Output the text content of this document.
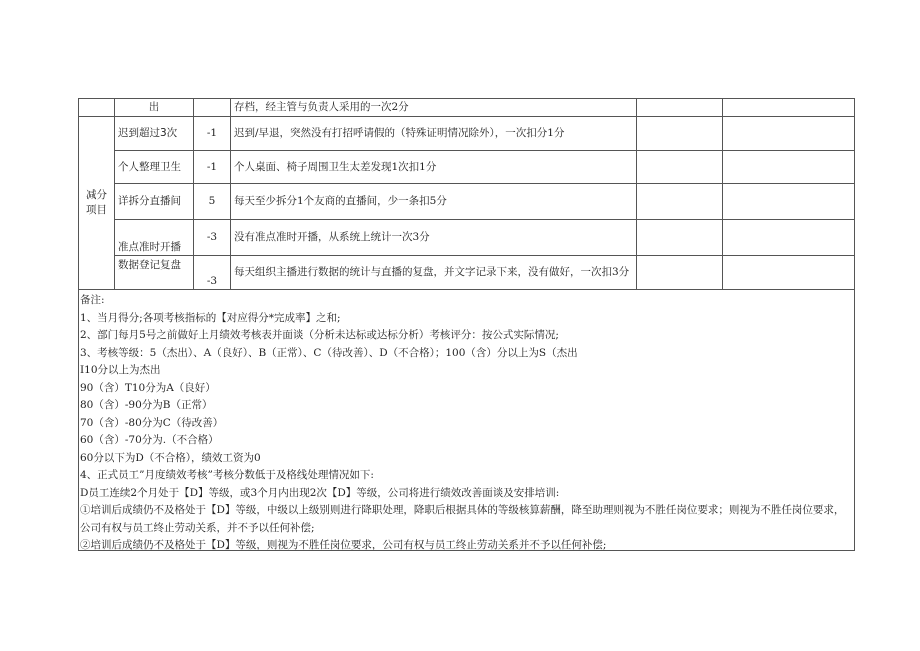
	出		存档，经主管与负责人采用的一次2分		
减分项目	迟到超过3次	-1	迟到/早退，突然没有打招呼请假的（特殊证明情况除外），一次扣分1分		
	个人整理卫生	-1	个人桌面、椅子周围卫生太差发现1次扣1分		
	详拆分直播间	5	每天至少拆分1个友商的直播间，少一条扣5分		
	准点准时开播	-3	没有准点准时开播，从系统上统计一次3分		
	数据登记复盘	-3	每天组织主播进行数据的统计与直播的复盘，并文字记录下来，没有做好，一次扣3分		
备注:
1、当月得分;各项考核指标的【对应得分*完成率】之和;
2、部门每月5号之前做好上月绩效考核表并面谈（分析未达标或达标分析）考核评分：按公式实际情况;
3、考核等级：5（杰出）、A（良好）、B（正常）、C（待改善）、D（不合格）；100（含）分以上为S（杰出
I10分以上为杰出
90（含）T10分为A（良好）
80（含）-90分为B（正常）
70（含）-80分为C（待改善）
60（含）-70分为.（不合格）
60分以下为D（不合格），绩效工资为0
4、正式员工”月度绩效考核”考核分数低于及格线处理情况如下:
D员工连续2个月处于【D】等级，或3个月内出现2次【D】等级，公司将进行绩效改善面谈及安排培训:
①培训后成绩仍不及格处于【D】等级，中级以上级别则进行降职处理，降职后根据具体的等级核算薪酬，降至助理则视为不胜任岗位要求；则视为不胜任岗位要求，公司有权与员工终止劳动关系，并不予以任何补偿;
②培训后成绩仍不及格处于【D】等级，则视为不胜任岗位要求，公司有权与员工终止劳动关系并不予以任何补偿;
